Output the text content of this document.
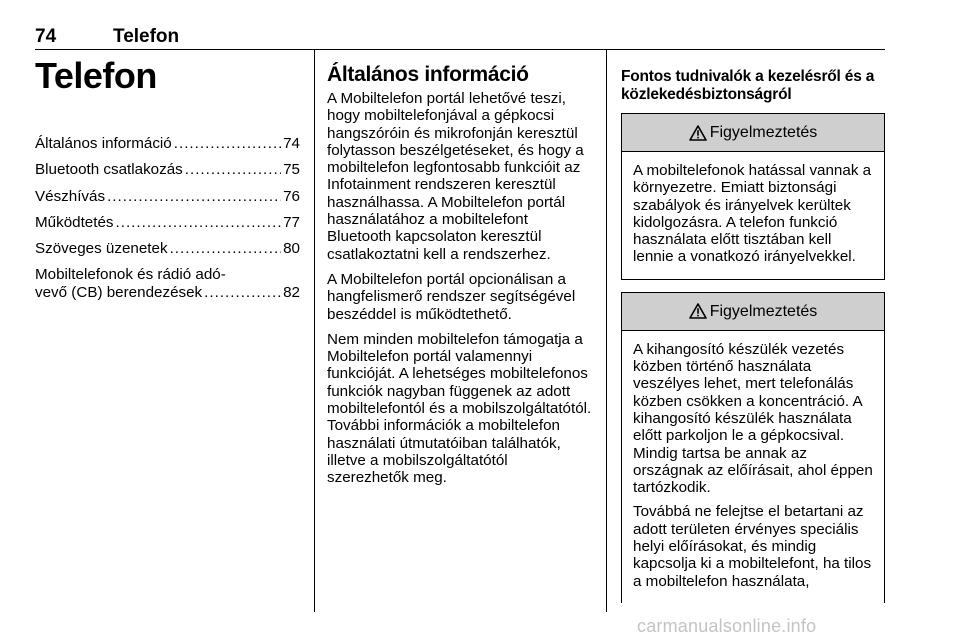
74	Telefon
Telefon
Általános információ .....	74
Bluetooth csatlakozás .....	75
Vészhívás .....	76
Működtetés .....	77
Szöveges üzenetek .....	80
Mobiltelefonok és rádió adó-
vevő (CB) berendezések .....	82
Általános információ

A Mobiltelefon portál lehetővé teszi, hogy mobiltelefonjával a gépkocsi hangszóróin és mikrofonján keresztül folytasson beszélgetéseket, és hogy a mobiltelefon legfontosabb funkcióit az Infotainment rendszeren keresztül használhassa. A Mobiltelefon portál használatához a mobiltelefont Bluetooth kapcsolaton keresztül csatlakoztatni kell a rendszerhez.

A Mobiltelefon portál opcionálisan a hangfelismerő rendszer segítségével beszéddel is működtethető.

Nem minden mobiltelefon támogatja a Mobiltelefon portál valamennyi funkcióját. A lehetséges mobiltelefonos funkciók nagyban függenek az adott mobiltelefontól és a mobilszolgáltatótól. További információk a mobiltelefon használati útmutatóiban találhatók, illetve a mobilszolgáltatótól szerezhetők meg.

Fontos tudnivalók a kezelésről és a közlekedésbiztonságról
Figyelmeztetés

A mobiltelefonok hatással vannak a környezetre. Emiatt biztonsági szabályok és irányelvek kerültek kidolgozásra. A telefon funkció használata előtt tisztában kell lennie a vonatkozó irányelvekkel.

Figyelmeztetés

A kihangosító készülék vezetés közben történő használata veszélyes lehet, mert telefonálás közben csökken a koncentráció. A kihangosító készülék használata előtt parkoljon le a gépkocsival. Mindig tartsa be annak az országnak az előírásait, ahol éppen tartózkodik.

Továbbá ne felejtse el betartani az adott területen érvényes speciális helyi előírásokat, és mindig kapcsolja ki a mobiltelefont, ha tilos a mobiltelefon használata,

carmanualsonline.info
